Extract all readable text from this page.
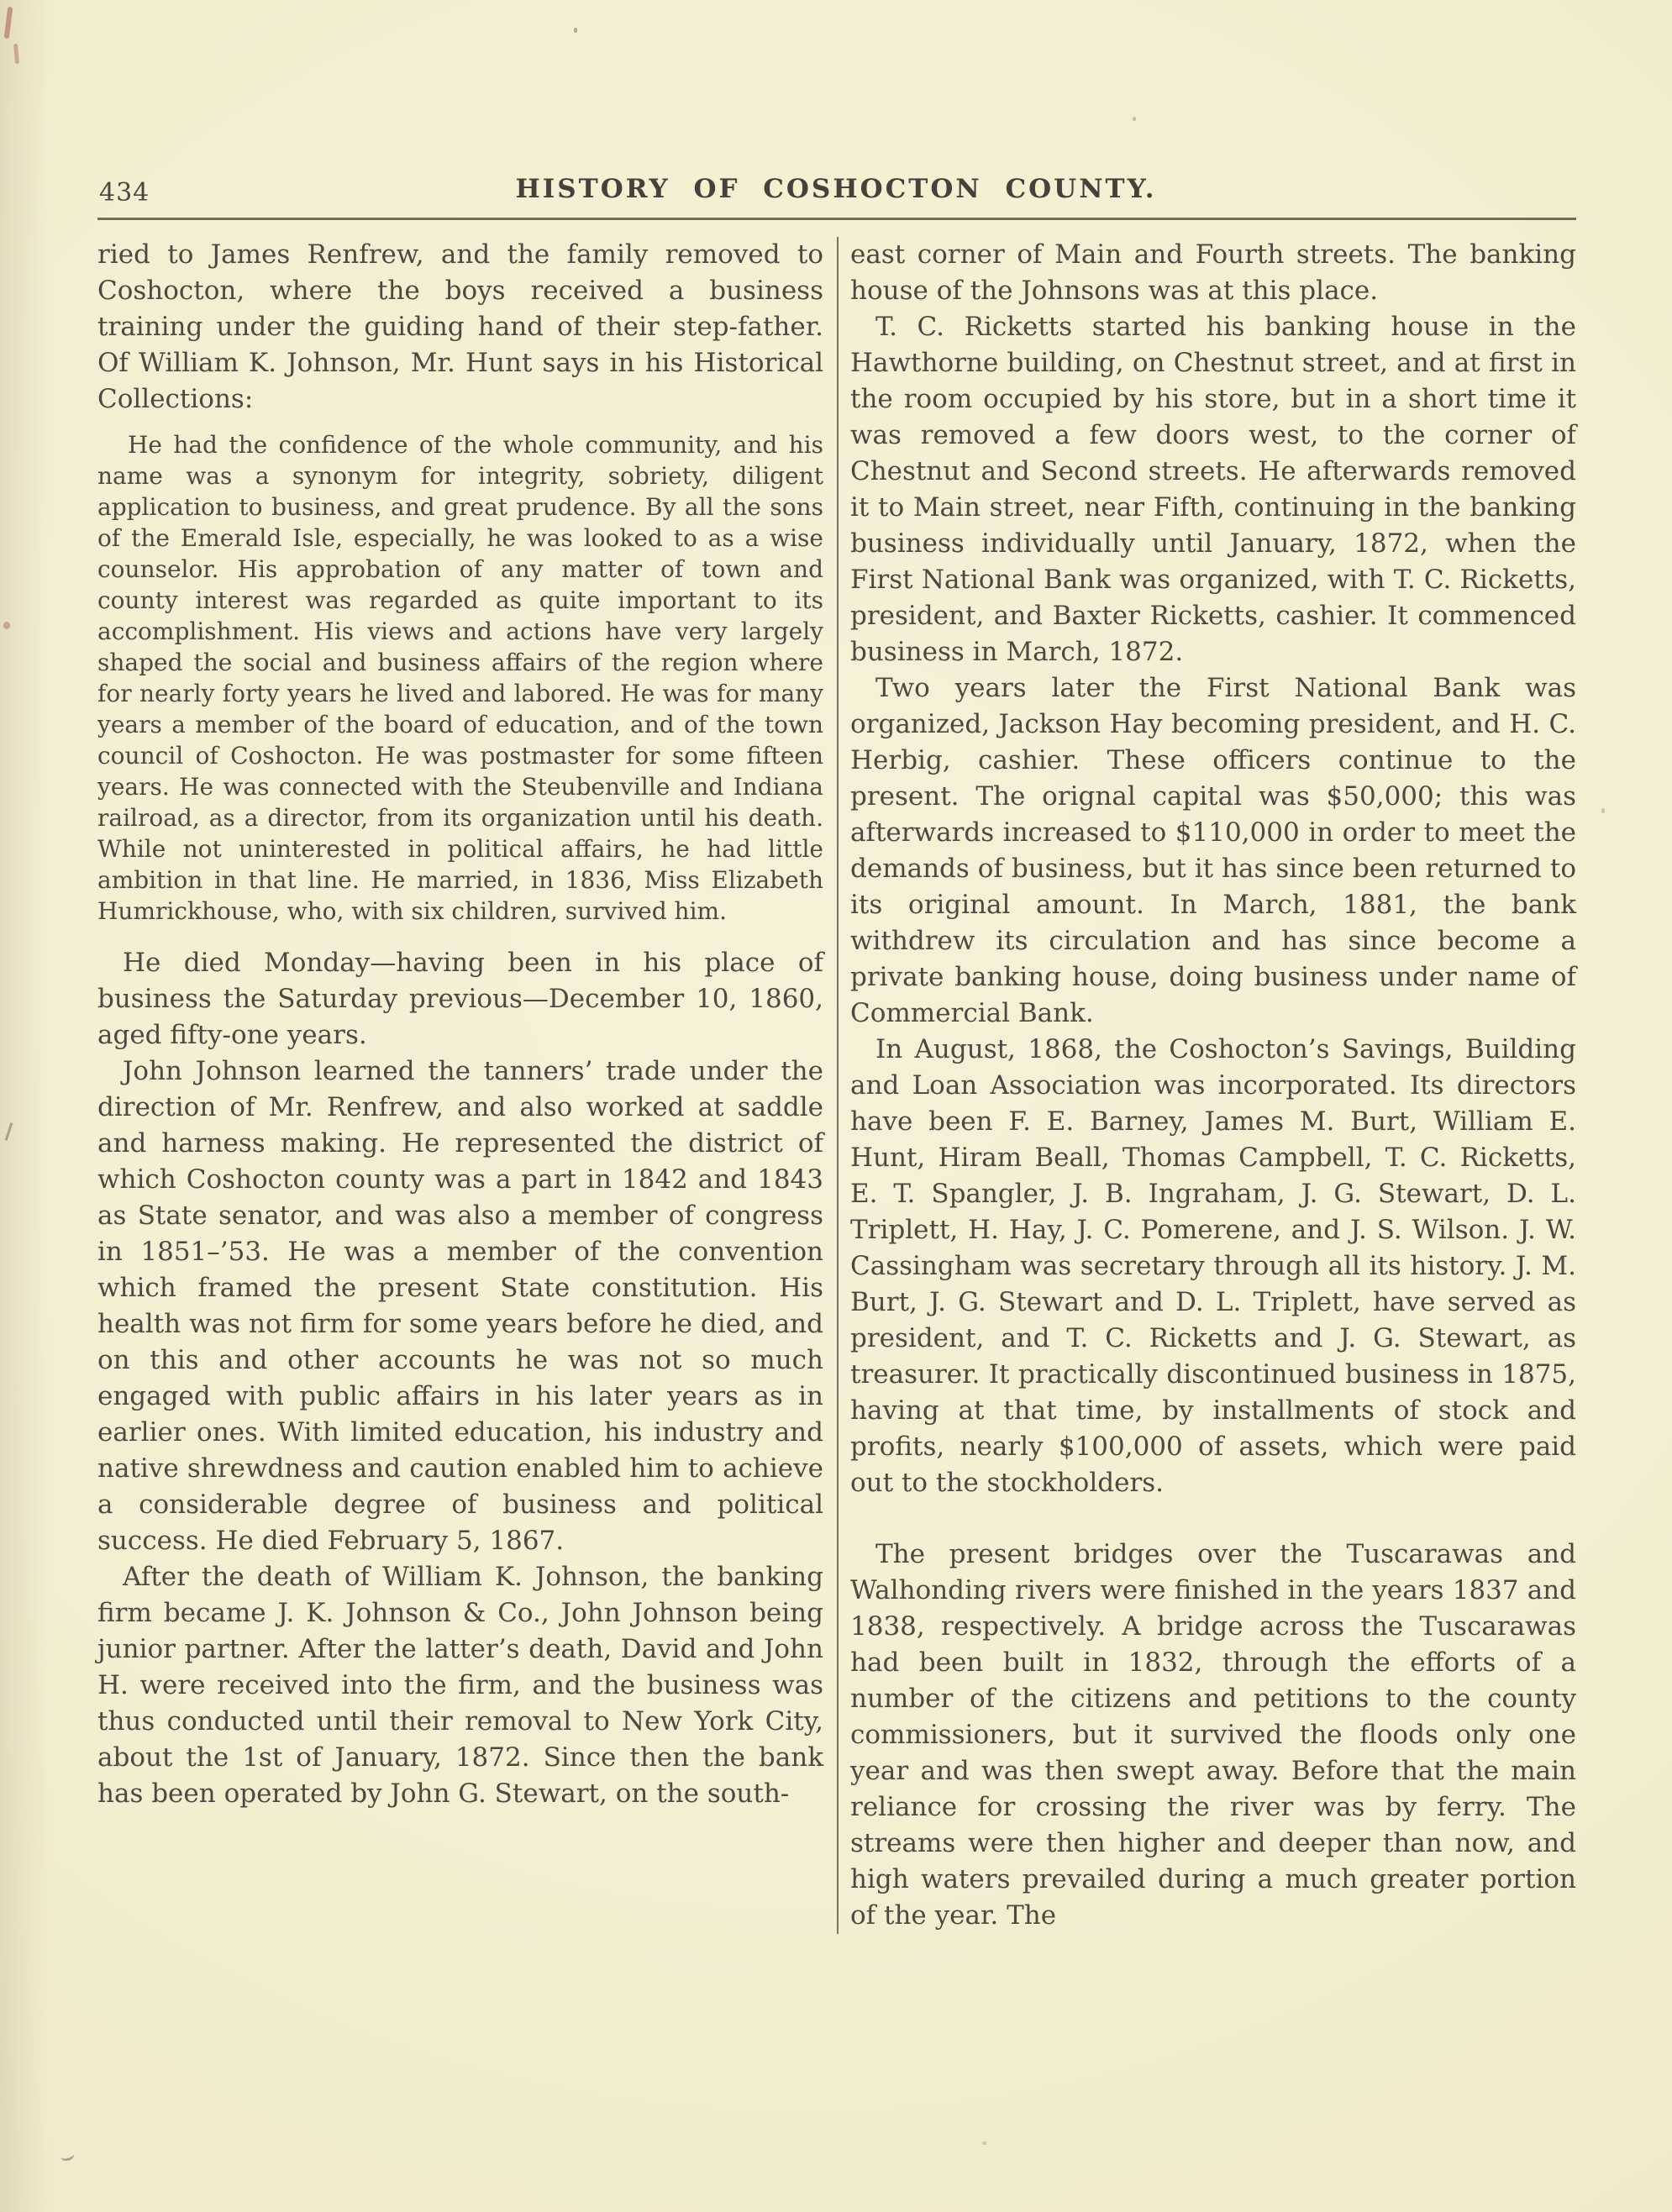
434	HISTORY OF COSHOCTON COUNTY.

ried to James Renfrew, and the family removed to Coshocton, where the boys received a business training under the guiding hand of their step-father. Of William K. Johnson, Mr. Hunt says in his Historical Collections:

He had the confidence of the whole community, and his name was a synonym for integrity, sobriety, diligent application to business, and great prudence. By all the sons of the Emerald Isle, especially, he was looked to as a wise counselor. His approbation of any matter of town and county interest was regarded as quite important to its accomplishment. His views and actions have very largely shaped the social and business affairs of the region where for nearly forty years he lived and labored. He was for many years a member of the board of education, and of the town council of Coshocton. He was postmaster for some fifteen years. He was connected with the Steubenville and Indiana railroad, as a director, from its organization until his death. While not uninterested in political affairs, he had little ambition in that line. He married, in 1836, Miss Elizabeth Humrickhouse, who, with six children, survived him.

He died Monday—having been in his place of business the Saturday previous—December 10, 1860, aged fifty-one years.

John Johnson learned the tanners’ trade under the direction of Mr. Renfrew, and also worked at saddle and harness making. He represented the district of which Coshocton county was a part in 1842 and 1843 as State senator, and was also a member of congress in 1851–’53. He was a member of the convention which framed the present State constitution. His health was not firm for some years before he died, and on this and other accounts he was not so much engaged with public affairs in his later years as in earlier ones. With limited education, his industry and native shrewdness and caution enabled him to achieve a considerable degree of business and political success. He died February 5, 1867.

After the death of William K. Johnson, the banking firm became J. K. Johnson & Co., John Johnson being junior partner. After the latter’s death, David and John H. were received into the firm, and the business was thus conducted until their removal to New York City, about the 1st of January, 1872. Since then the bank has been operated by John G. Stewart, on the south-

east corner of Main and Fourth streets. The banking house of the Johnsons was at this place.

T. C. Ricketts started his banking house in the Hawthorne building, on Chestnut street, and at first in the room occupied by his store, but in a short time it was removed a few doors west, to the corner of Chestnut and Second streets. He afterwards removed it to Main street, near Fifth, continuing in the banking business individually until January, 1872, when the First National Bank was organized, with T. C. Ricketts, president, and Baxter Ricketts, cashier. It commenced business in March, 1872.

Two years later the First National Bank was organized, Jackson Hay becoming president, and H. C. Herbig, cashier. These officers continue to the present. The orignal capital was $50,000; this was afterwards increased to $110,000 in order to meet the demands of business, but it has since been returned to its original amount. In March, 1881, the bank withdrew its circulation and has since become a private banking house, doing business under name of Commercial Bank.

In August, 1868, the Coshocton’s Savings, Building and Loan Association was incorporated. Its directors have been F. E. Barney, James M. Burt, William E. Hunt, Hiram Beall, Thomas Campbell, T. C. Ricketts, E. T. Spangler, J. B. Ingraham, J. G. Stewart, D. L. Triplett, H. Hay, J. C. Pomerene, and J. S. Wilson. J. W. Cassingham was secretary through all its history. J. M. Burt, J. G. Stewart and D. L. Triplett, have served as president, and T. C. Ricketts and J. G. Stewart, as treasurer. It practically discontinued business in 1875, having at that time, by installments of stock and profits, nearly $100,000 of assets, which were paid out to the stockholders.

The present bridges over the Tuscarawas and Walhonding rivers were finished in the years 1837 and 1838, respectively. A bridge across the Tuscarawas had been built in 1832, through the efforts of a number of the citizens and petitions to the county commissioners, but it survived the floods only one year and was then swept away. Before that the main reliance for crossing the river was by ferry. The streams were then higher and deeper than now, and high waters prevailed during a much greater portion of the year. The
